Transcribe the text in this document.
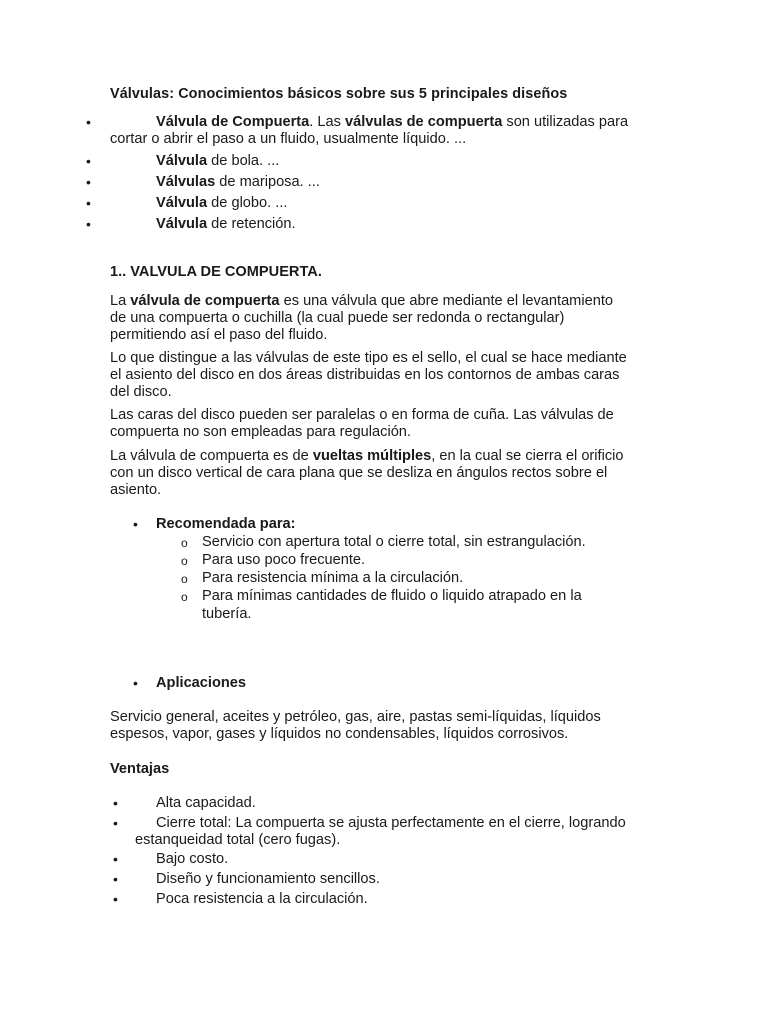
Válvulas: Conocimientos básicos sobre sus 5 principales diseños
•	Válvula de Compuerta. Las válvulas de compuerta son utilizadas para
cortar o abrir el paso a un fluido, usualmente líquido. ...
•	Válvula de bola. ...
•	Válvulas de mariposa. ...
•	Válvula de globo. ...
•	Válvula de retención.
1.. VALVULA DE COMPUERTA.
La válvula de compuerta es una válvula que abre mediante el levantamiento
de una compuerta o cuchilla (la cual puede ser redonda o rectangular)
permitiendo así el paso del fluido.
Lo que distingue a las válvulas de este tipo es el sello, el cual se hace mediante
el asiento del disco en dos áreas distribuidas en los contornos de ambas caras
del disco.
Las caras del disco pueden ser paralelas o en forma de cuña. Las válvulas de
compuerta no son empleadas para regulación.
La válvula de compuerta es de vueltas múltiples, en la cual se cierra el orificio
con un disco vertical de cara plana que se desliza en ángulos rectos sobre el
asiento.
• Recomendada para:
o Servicio con apertura total o cierre total, sin estrangulación.
o Para uso poco frecuente.
o Para resistencia mínima a la circulación.
o Para mínimas cantidades de fluido o liquido atrapado en la
tubería.
• Aplicaciones
Servicio general, aceites y petróleo, gas, aire, pastas semi-líquidas, líquidos
espesos, vapor, gases y líquidos no condensables, líquidos corrosivos.
Ventajas
•	Alta capacidad.
•	Cierre total: La compuerta se ajusta perfectamente en el cierre, logrando
estanqueidad total (cero fugas).
•	Bajo costo.
•	Diseño y funcionamiento sencillos.
•	Poca resistencia a la circulación.
